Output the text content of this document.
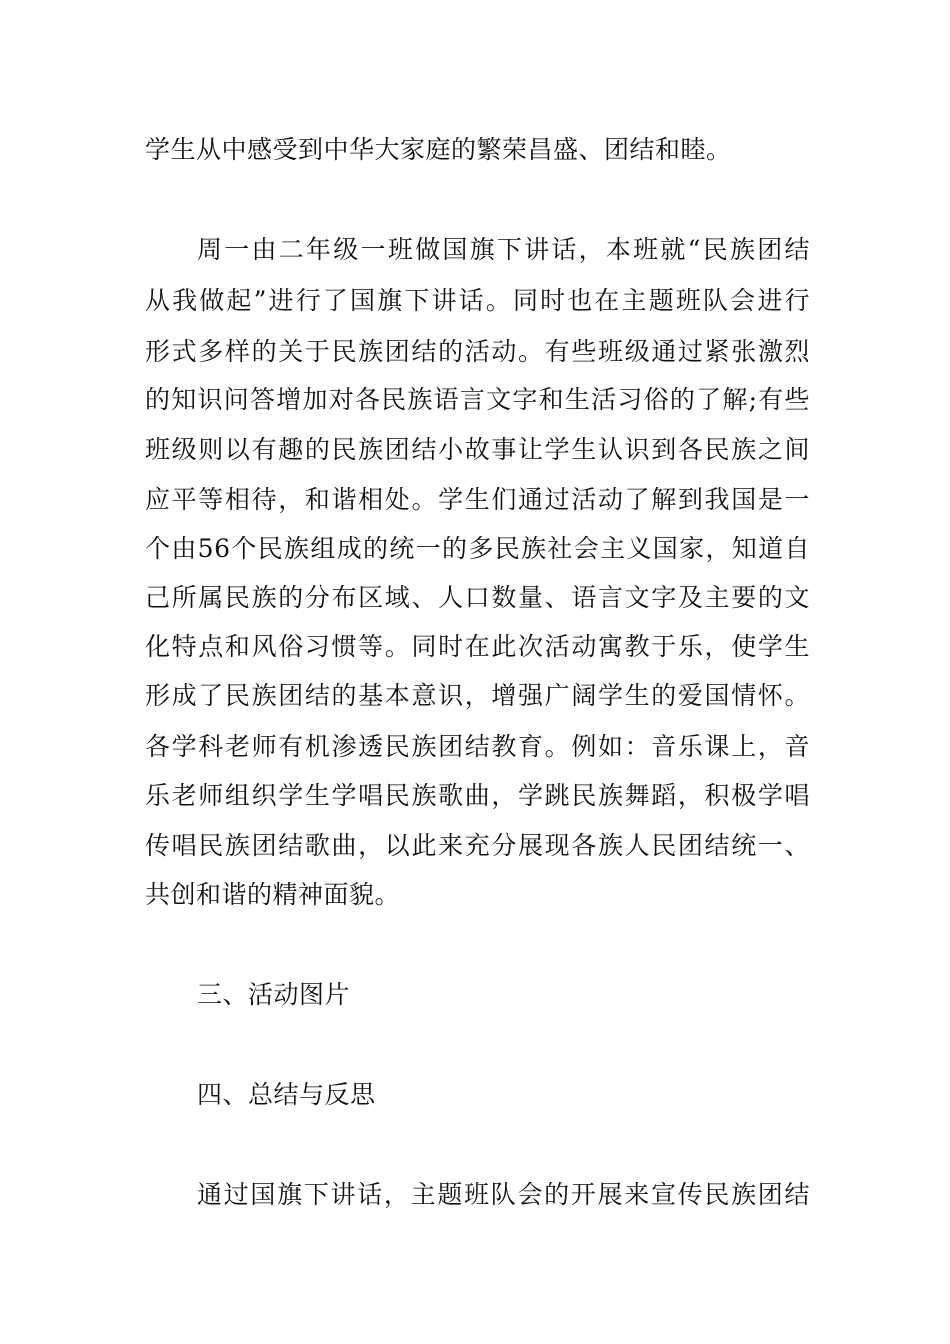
学生从中感受到中华大家庭的繁荣昌盛、团结和睦。
周一由二年级一班做国旗下讲话，本班就“民族团结
从我做起”进行了国旗下讲话。同时也在主题班队会进行
形式多样的关于民族团结的活动。有些班级通过紧张激烈
的知识问答增加对各民族语言文字和生活习俗的了解;有些
班级则以有趣的民族团结小故事让学生认识到各民族之间
应平等相待，和谐相处。学生们通过活动了解到我国是一
个由56个民族组成的统一的多民族社会主义国家，知道自
己所属民族的分布区域、人口数量、语言文字及主要的文
化特点和风俗习惯等。同时在此次活动寓教于乐，使学生
形成了民族团结的基本意识，增强广阔学生的爱国情怀。
各学科老师有机渗透民族团结教育。例如：音乐课上，音
乐老师组织学生学唱民族歌曲，学跳民族舞蹈，积极学唱
传唱民族团结歌曲，以此来充分展现各族人民团结统一、
共创和谐的精神面貌。
三、活动图片
四、总结与反思
通过国旗下讲话，主题班队会的开展来宣传民族团结
